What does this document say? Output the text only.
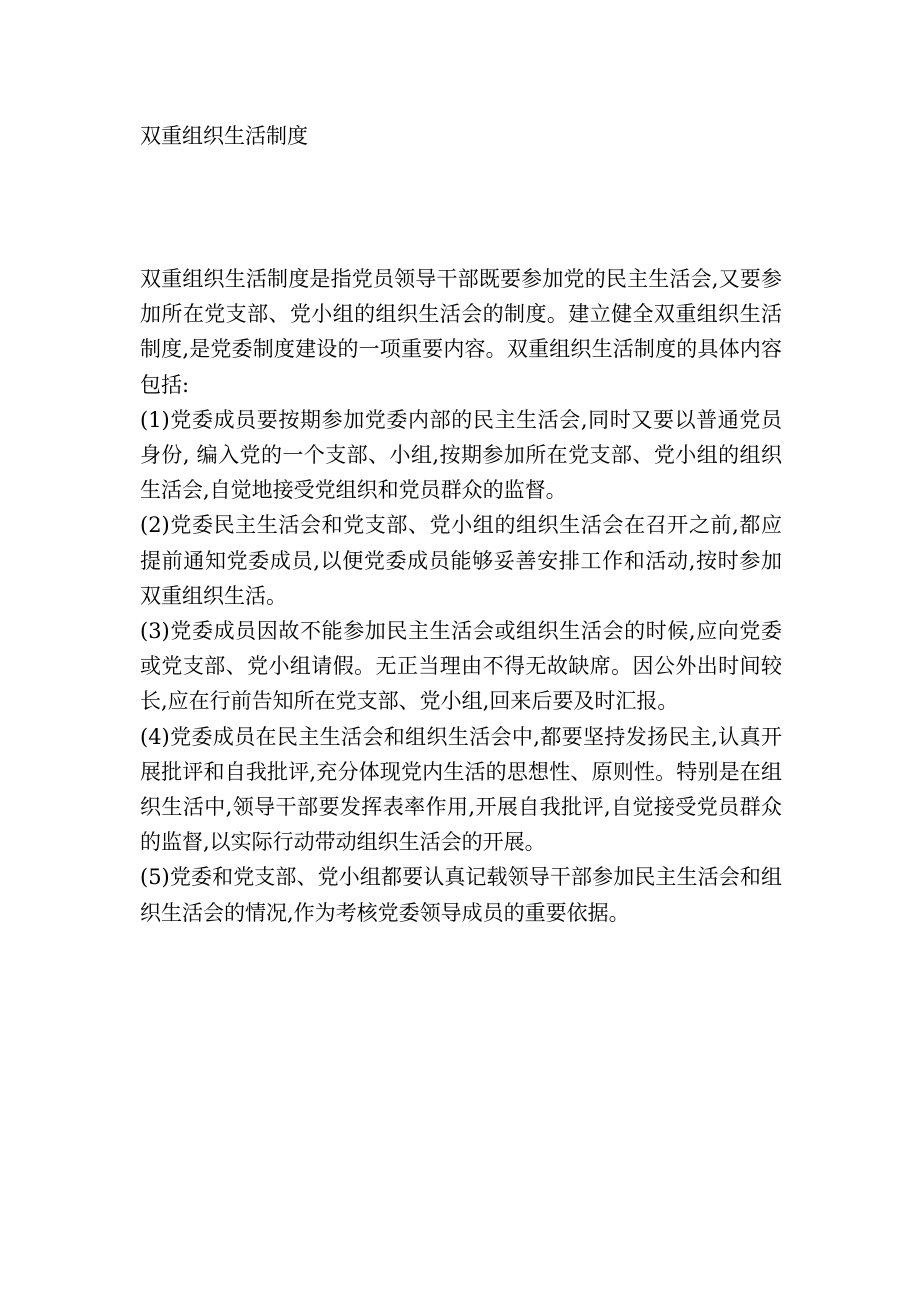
双重组织生活制度

双重组织生活制度是指党员领导干部既要参加党的民主生活会,又要参加所在党支部、党小组的组织生活会的制度。建立健全双重组织生活制度,是党委制度建设的一项重要内容。双重组织生活制度的具体内容包括:

(1)党委成员要按期参加党委内部的民主生活会,同时又要以普通党员身份, 编入党的一个支部、小组,按期参加所在党支部、党小组的组织生活会,自觉地接受党组织和党员群众的监督。

(2)党委民主生活会和党支部、党小组的组织生活会在召开之前,都应提前通知党委成员,以便党委成员能够妥善安排工作和活动,按时参加双重组织生活。

(3)党委成员因故不能参加民主生活会或组织生活会的时候,应向党委或党支部、党小组请假。无正当理由不得无故缺席。因公外出时间较长,应在行前告知所在党支部、党小组,回来后要及时汇报。

(4)党委成员在民主生活会和组织生活会中,都要坚持发扬民主,认真开展批评和自我批评,充分体现党内生活的思想性、原则性。特别是在组织生活中,领导干部要发挥表率作用,开展自我批评,自觉接受党员群众的监督,以实际行动带动组织生活会的开展。

(5)党委和党支部、党小组都要认真记载领导干部参加民主生活会和组织生活会的情况,作为考核党委领导成员的重要依据。
